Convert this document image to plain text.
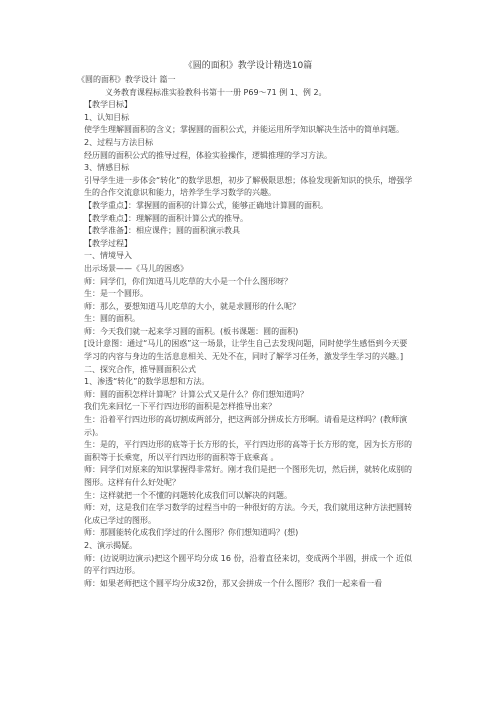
《圆的面积》教学设计精选10篇
《圆的面积》教学设计 篇一
义务教育课程标准实验教科书第十一册 P69～71 例 1、例 2。
【教学目标】
1、认知目标
使学生理解圆面积的含义；掌握圆的面积公式，并能运用所学知识解决生活中的简单问题。
2、过程与方法目标
经历圆的面积公式的推导过程，体验实验操作，逻辑推理的学习方法。
3、情感目标
引导学生进一步体会“转化”的数学思想，初步了解极限思想；体验发现新知识的快乐，增强学生的合作交流意识和能力，培养学生学习数学的兴趣。
【教学重点】：掌握圆的面积的计算公式，能够正确地计算圆的面积。
【教学难点】：理解圆的面积计算公式的推导。
【教学准备】：相应课件；圆的面积演示教具
【教学过程】
一、情境导入
出示场景——《马儿的困惑》
师：同学们，你们知道马儿吃草的大小是一个什么图形呀？
生：是一个圆形。
师：那么，要想知道马儿吃草的大小，就是求圆形的什么呢？
生：圆的面积。
师：今天我们就一起来学习圆的面积。(板书课题：圆的面积)
[设计意图：通过“马儿的困惑”这一场景，让学生自己去发现问题，同时使学生感悟到今天要学习的内容与身边的生活息息相关、无处不在，同时了解学习任务，激发学生学习的兴趣。]
二、探究合作，推导圆面积公式
1、渗透“转化”的数学思想和方法。
师：圆的面积怎样计算呢？计算公式又是什么？你们想知道吗？
我们先来回忆一下平行四边形的面积是怎样推导出来？
生：沿着平行四边形的高切割成两部分，把这两部分拼成长方形啊。请看是这样吗？(教师演示)。
生：是的，平行四边形的底等于长方形的长，平行四边形的高等于长方形的宽，因为长方形的面积等于长乘宽，所以平行四边形的面积等于底乘高 。
师：同学们对原来的知识掌握得非常好。刚才我们是把一个图形先切，然后拼，就转化成别的图形。这样有什么好处呢？
生：这样就把一个不懂的问题转化成我们可以解决的问题。
师：对，这是我们在学习数学的过程当中的一种很好的方法。今天，我们就用这种方法把圆转化成已学过的图形。
师：那圆能转化成我们学过的什么图形？你们想知道吗？(想)
2、演示揭疑。
师：(边说明边演示)把这个圆平均分成 16 份，沿着直径来切，变成两个半圆，拼成一个 近似的平行四边形。
师：如果老师把这个圆平均分成32份，那又会拼成一个什么图形？我们一起来看一看
